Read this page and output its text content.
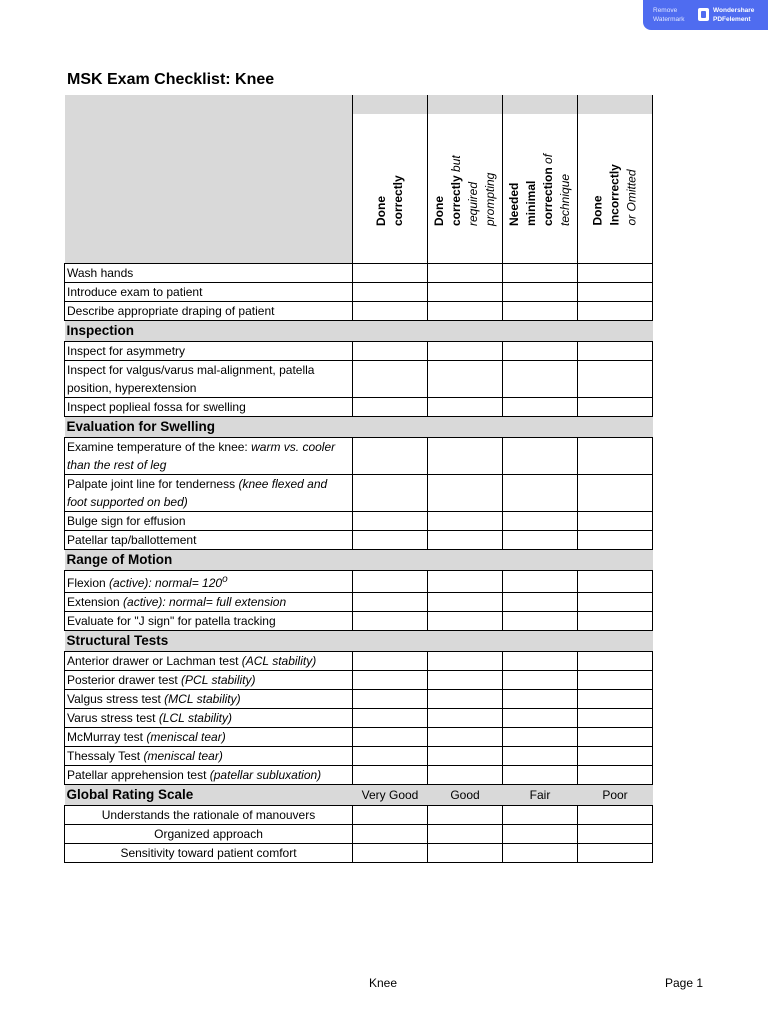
Remove
Watermark
Wondershare
PDFelement
MSK Exam Checklist: Knee

	Done correctly	Done correctly but required prompting	Needed minimal correction of technique	Done Incorrectly or Omitted

Wash hands				
Introduce exam to patient				
Describe appropriate draping of patient				
Inspection				
Inspect for asymmetry				
Inspect for valgus/varus mal-alignment, patella position, hyperextension				
Inspect poplieal fossa for swelling				
Evaluation for Swelling				
Examine temperature of the knee: warm vs. cooler than the rest of leg				
Palpate joint line for tenderness (knee flexed and foot supported on bed)				
Bulge sign for effusion				
Patellar tap/ballottement				
Range of Motion				
Flexion (active): normal= $120^o$				
Extension (active): normal= full extension				
Evaluate for "J sign" for patella tracking				
Structural Tests				
Anterior drawer or Lachman test (ACL stability)				
Posterior drawer test (PCL stability)				
Valgus stress test (MCL stability)				
Varus stress test (LCL stability)				
McMurray test (meniscal tear)				
Thessaly Test (meniscal tear)				
Patellar apprehension test (patellar subluxation)				
Global Rating Scale	Very Good	Good	Fair	Poor
Understands the rationale of manouvers				
Organized approach				
Sensitivity toward patient comfort				
Knee	Page 1
